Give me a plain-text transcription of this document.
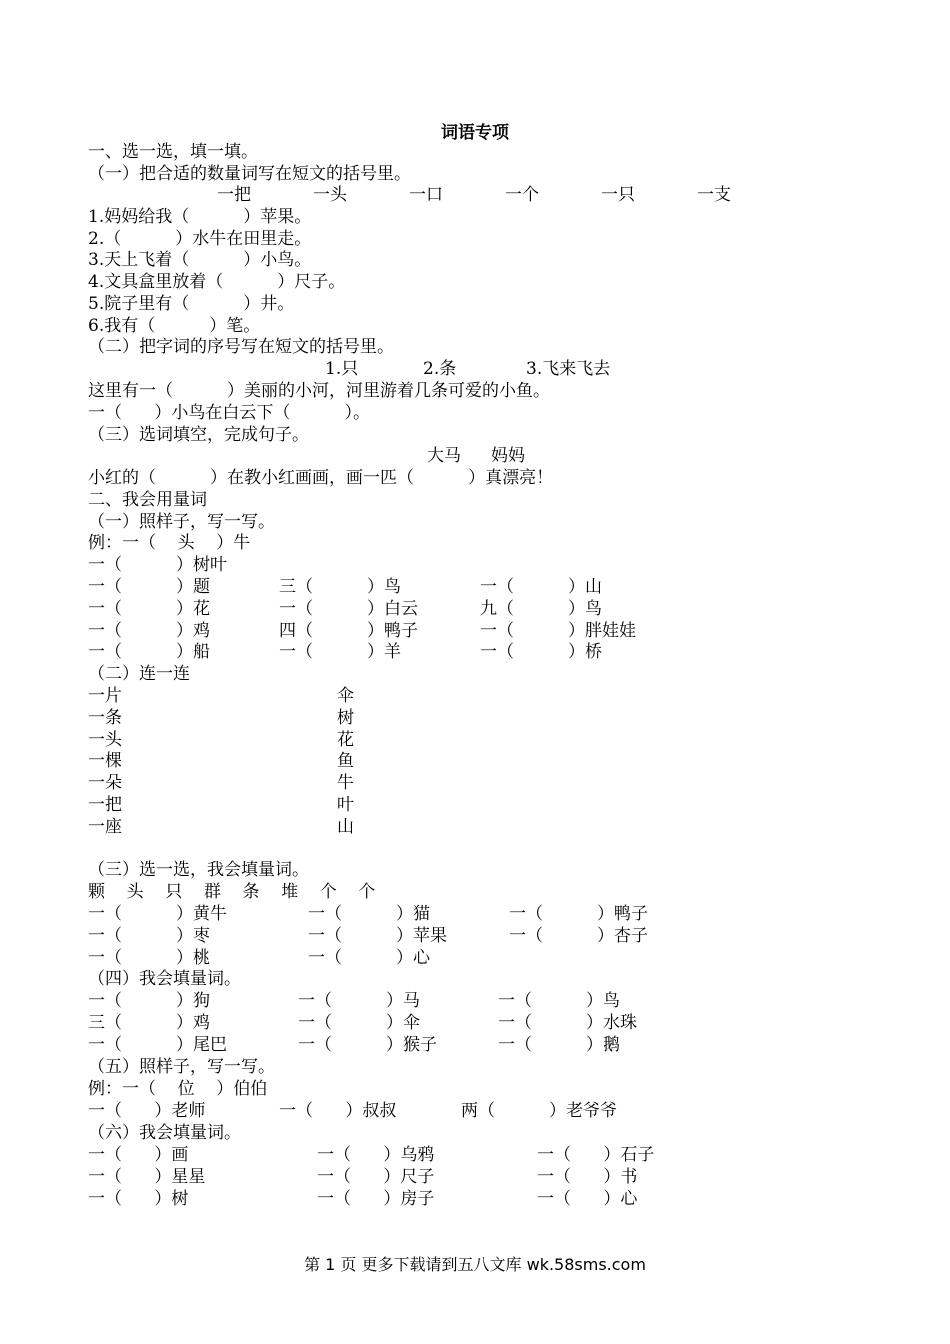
词语专项
一、选一选，填一填。
（一）把合适的数量词写在短文的括号里。
一把	一头	一口	一个	一只	一支
1.妈妈给我（          ）苹果。
2.（          ）水牛在田里走。
3.天上飞着（          ）小鸟。
4.文具盒里放着（          ）尺子。
5.院子里有（          ）井。
6.我有（          ）笔。
（二）把字词的序号写在短文的括号里。
1.只	2.条	3.飞来飞去
这里有一（          ）美丽的小河，河里游着几条可爱的小鱼。
一（      ）小鸟在白云下（          ）。
（三）选词填空，完成句子。
大马 妈妈
小红的（          ）在教小红画画，画一匹（          ）真漂亮！
二、我会用量词
（一）照样子，写一写。
例：一（    头    ）牛
一（          ）树叶
一（          ）题	三（          ）鸟	一（          ）山
一（          ）花	一（          ）白云	九（          ）鸟
一（          ）鸡	四（          ）鸭子	一（          ）胖娃娃
一（          ）船	一（          ）羊	一（          ）桥
（二）连一连
一片	伞
一条	树
一头	花
一棵	鱼
一朵	牛
一把	叶
一座	山
（三）选一选，我会填量词。
颗    头    只    群    条    堆    个    个
一（          ）黄牛	一（          ）猫	一（          ）鸭子
一（          ）枣	一（          ）苹果	一（          ）杏子
一（          ）桃	一（          ）心
（四）我会填量词。
一（          ）狗	一（          ）马	一（          ）鸟
三（          ）鸡	一（          ）伞	一（          ）水珠
一（          ）尾巴	一（          ）猴子	一（          ）鹅
（五）照样子，写一写。
例：一（    位    ）伯伯
一（      ）老师	一（      ）叔叔	两（          ）老爷爷
（六）我会填量词。
一（      ）画	一（      ）乌鸦	一（      ）石子
一（      ）星星	一（      ）尺子	一（      ）书
一（      ）树	一（      ）房子	一（      ）心
第 1 页 更多下载请到五八文库 wk.58sms.com
